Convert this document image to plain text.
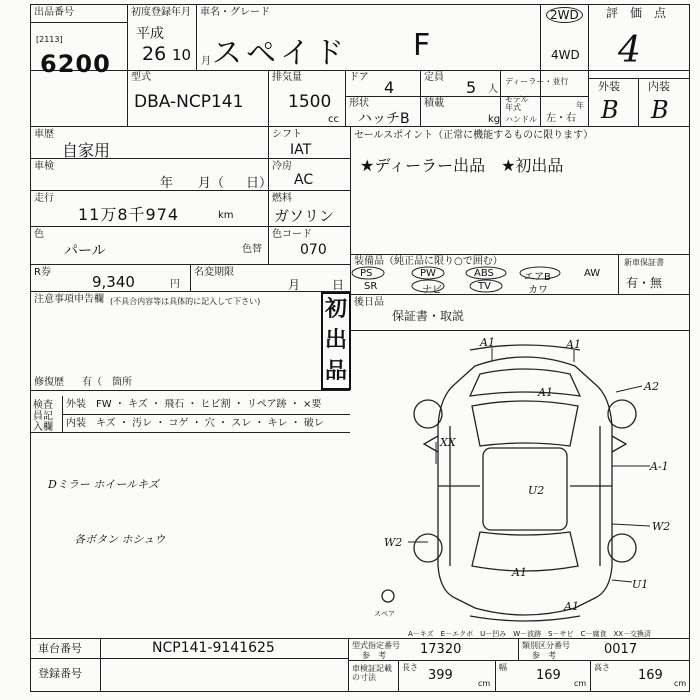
出品番号
[2113]
6200
初度登録年月
平成
26 10 月
車名・グレード
スペイド F
2WD
4WD
評　価　点
4
外装	内装
B B
型式
DBA-NCP141
排気量
1500
cc
ドア
4
定員
5 人
形状
ハッチB
積載
kg
ディーラー・並行
モデル年式	年
ハンドル 左・右
車歴
自家用
車検
年 月（ 日）
走行
11万8千974	km
色
パール	色替
R券
9,340	円
名変期限
月	日
シフト
IAT
冷房
AC
燃料
ガソリン
色コード
070
注意事項申告欄 (不具合内容等は具体的に記入して下さい)	初出品
修復歴 有（　箇所
検査員記入欄
外装 FW ・ キズ ・ 飛石 ・ ヒビ割 ・ リペア跡 ・ ×要
内装 キズ ・ 汚レ ・ コゲ ・ 穴 ・ スレ ・ キレ ・ 破レ
Dミラー ホイールキズ
各ボタン ホシュウ
セールスポイント（正常に機能するものに限ります）
★ディーラー出品　★初出品
装備品（純正品に限り○で囲む）
PS	PW	ABS	エアB	AW
SR	ナビ	TV	カワ
新車保証書
有・無
後日品
保証書・取説
A1	A1
A1	A2
A-1
U2
W2
W2
A1
A1
U1
XX
スペア
A－キズ　E－エクボ　U－凹み　W－波跡　S－サビ　C－腐食　XX－交換済
車台番号	NCP141-9141625
登録番号
型式指定番号
参　考	17320	類別区分番号
参　考	0017
車検証記載の寸法
長さ
399
cm
幅
169
cm
高さ
169
cm
